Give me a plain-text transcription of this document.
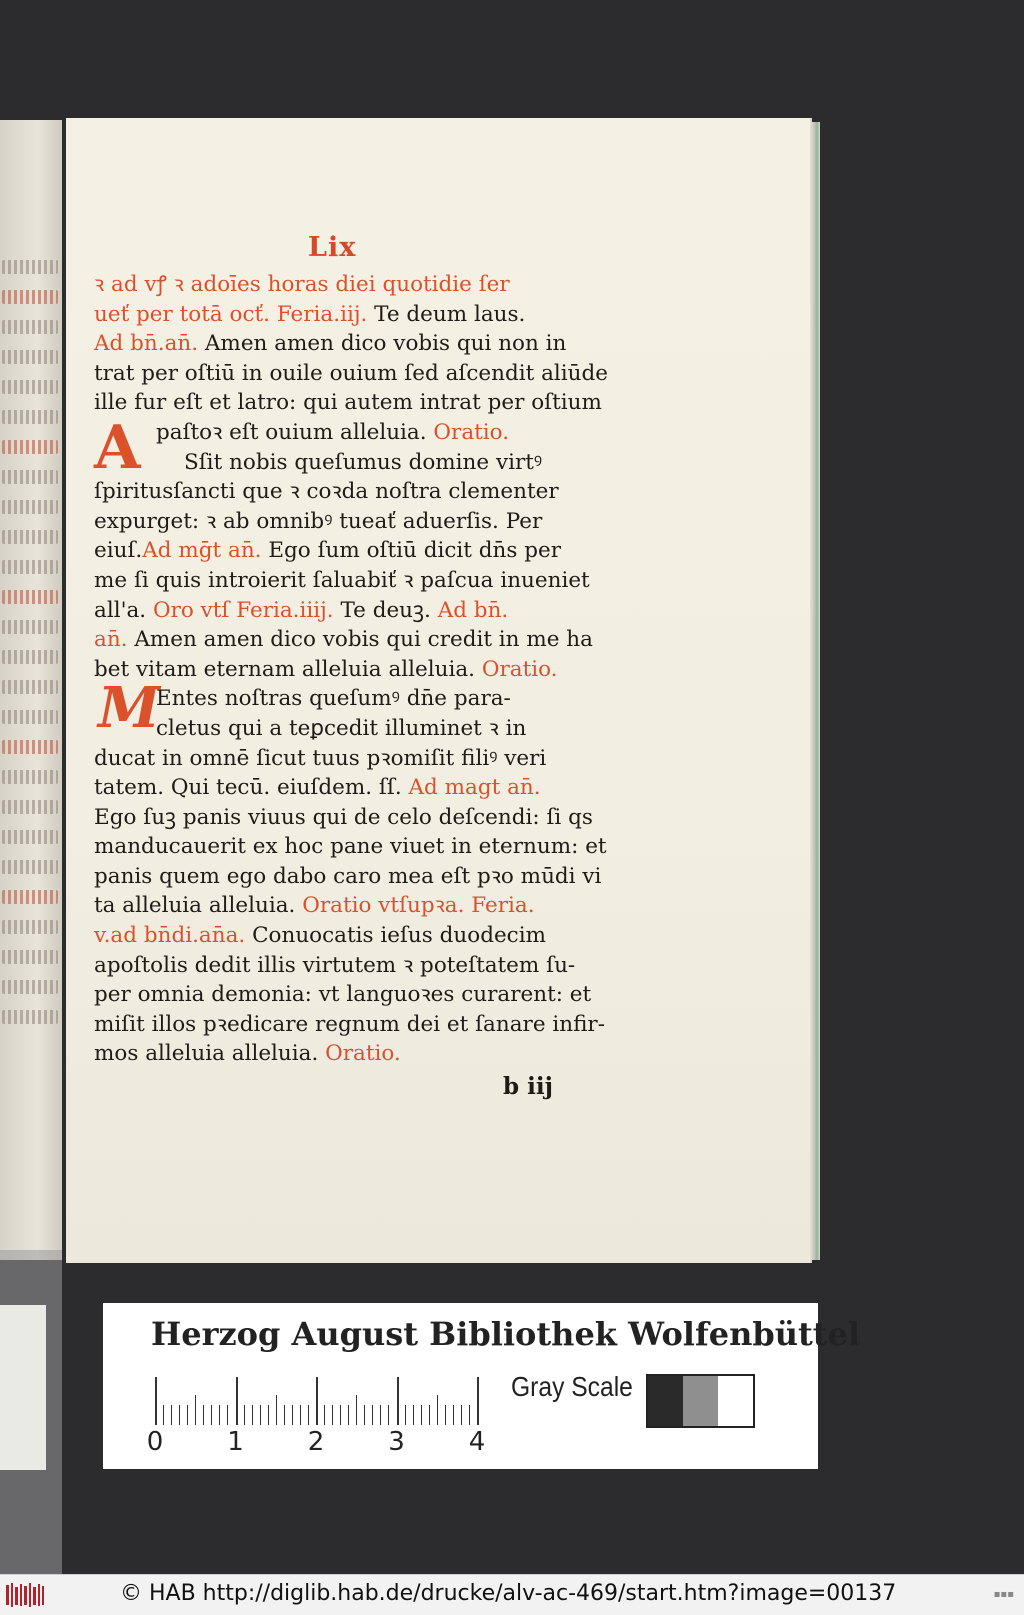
Lix
A
M
ꝛ ad vꝭ ꝛ adoīes horas diei quotidie ſer
ueť per totā ocť. Feria.iij. Te deum laus.
Ad bn̄.an̄. Amen amen dico vobis qui non in
trat per oſtiū in ouile ouium ſed aſcendit aliūde
ille fur eſt et latro: qui autem intrat per oſtium
paſtoꝛ eſt ouium alleluia. Oratio.
Sſit nobis queſumus domine virtꝰ
ſpiritusſancti que ꝛ coꝛda noſtra clementer
expurget: ꝛ ab omnibꝰ tueať aduerſis. Per
eiuſ.Ad mḡt an̄. Ego ſum oſtiū dicit dn̄s per
me ſi quis introierit ſaluabiť ꝛ paſcua inueniet
all'a. Oro vtſ Feria.iiij. Te deuꝫ. Ad bn̄.
an̄. Amen amen dico vobis qui credit in me ha
bet vitam eternam alleluia alleluia. Oratio.
Entes noſtras queſumꝰ dn̄e para-
cletus qui a teꝑcedit illuminet ꝛ in
ducat in omnē ſicut tuus pꝛomiſit filiꝰ veri
tatem. Qui tecū. eiuſdem. ſſ. Ad magt an̄.
Ego ſuꝫ panis viuus qui de celo deſcendi: ſi qs
manducauerit ex hoc pane viuet in eternum: et
panis quem ego dabo caro mea eſt pꝛo mūdi vi
ta alleluia alleluia. Oratio vtſupꝛa. Feria.
v.ad bn̄di.an̄a. Conuocatis ieſus duodecim
apoſtolis dedit illis virtutem ꝛ poteſtatem ſu-
per omnia demonia: vt languoꝛes curarent: et
miſit illos pꝛedicare regnum dei et ſanare infir-
mos alleluia alleluia. Oratio.
b iij
Herzog August Bibliothek Wolfenbüttel
0 1 2 3 4
Gray Scale
© HAB http://diglib.hab.de/drucke/alv-ac-469/start.htm?image=00137	▪▪▪
